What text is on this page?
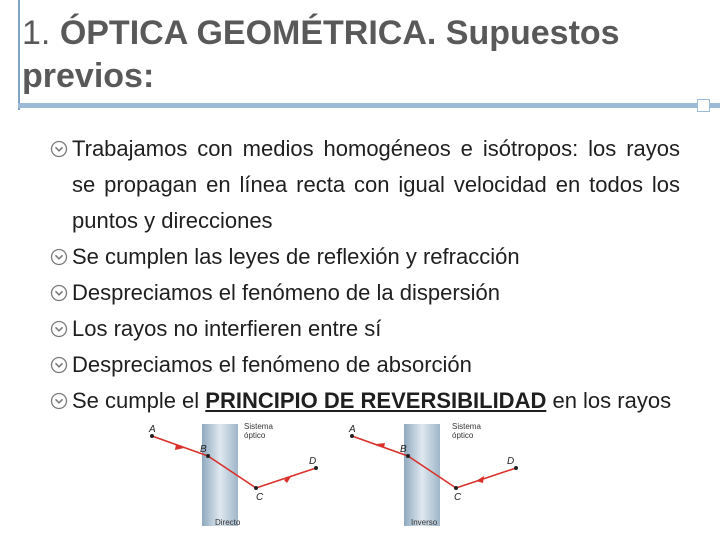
1. ÓPTICA GEOMÉTRICA. Supuestos previos:
Trabajamos con medios homogéneos e isótropos: los rayos se propagan en línea recta con igual velocidad en todos los puntos y direcciones
Se cumplen las leyes de reflexión y refracción
Despreciamos el fenómeno de la dispersión
Los rayos no interfieren entre sí
Despreciamos el fenómeno de absorción
Se cumple el PRINCIPIO DE REVERSIBILIDAD en los rayos
A
B
C
D
Sistema
óptico
Directo
A
B
C
D
Sistema
óptico
Inverso
